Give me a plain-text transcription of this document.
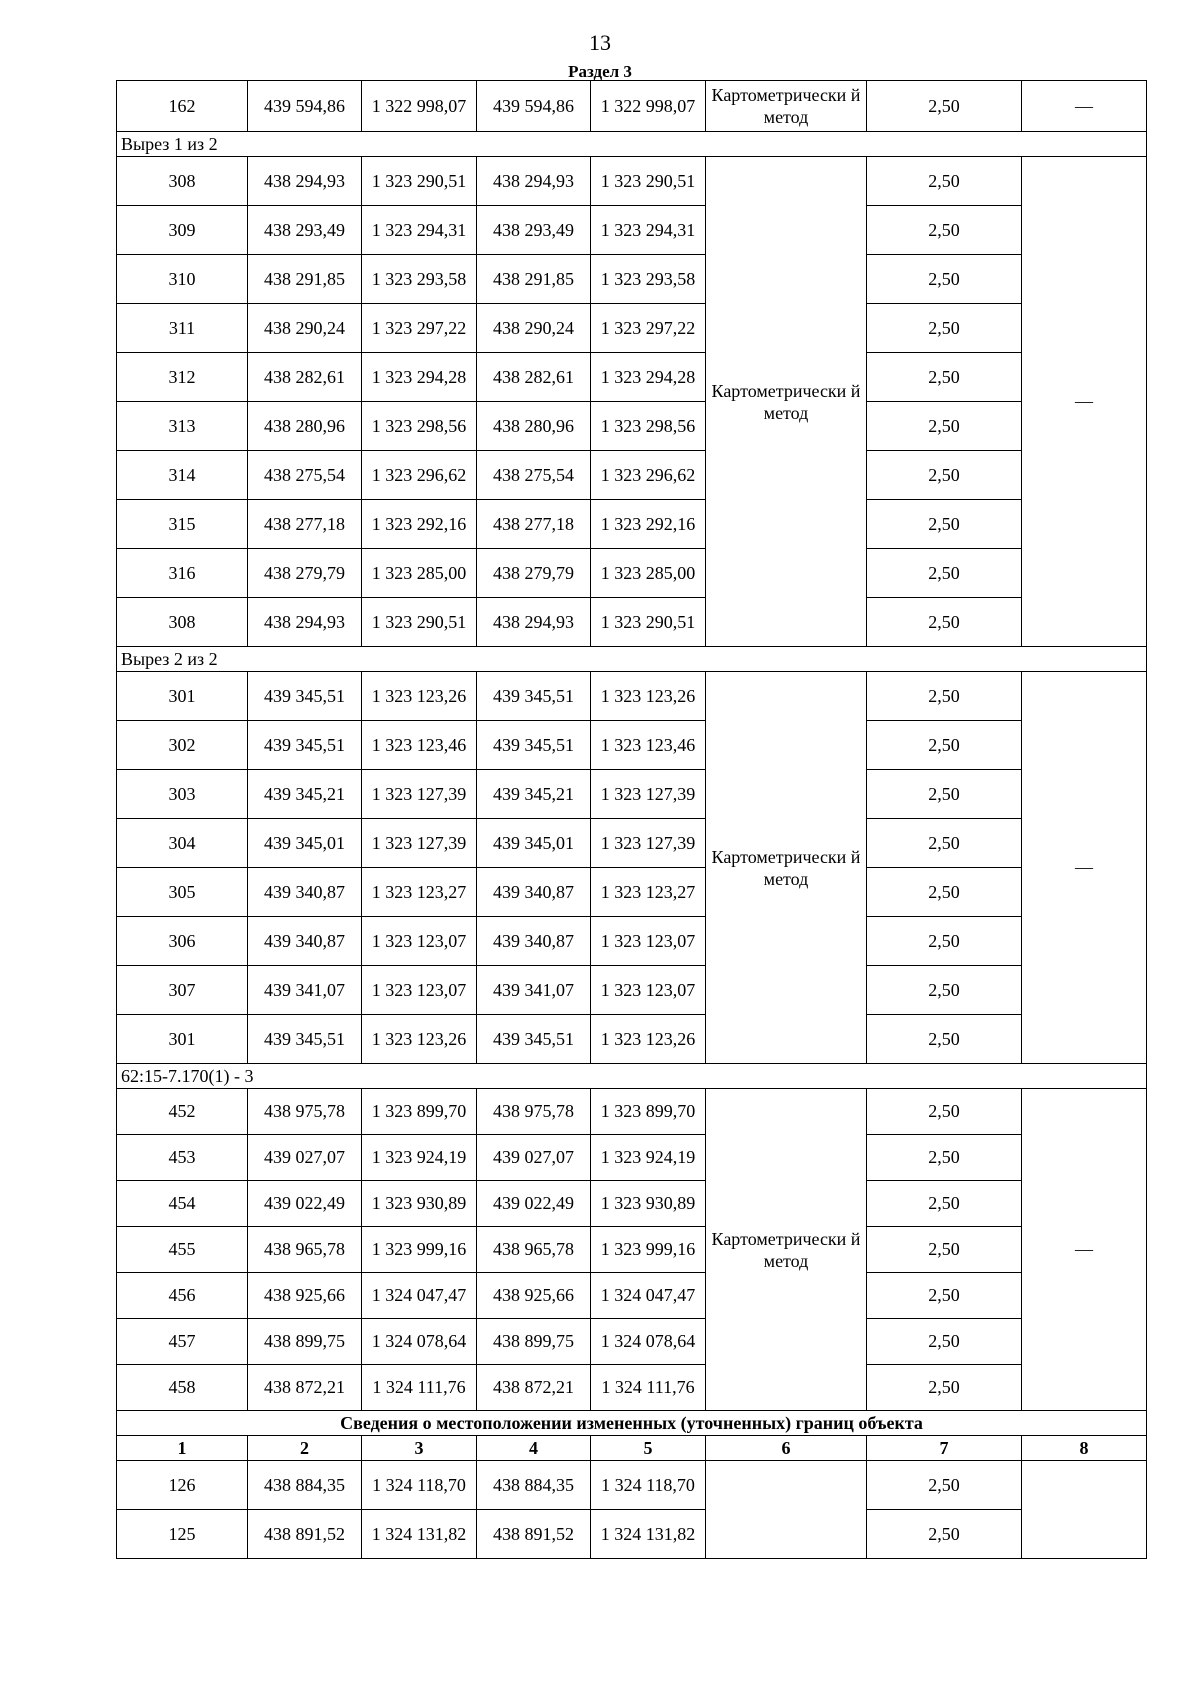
13
Раздел 3
162	439 594,86	1 322 998,07	439 594,86	1 322 998,07	Картометрически й метод	2,50	—
Вырез 1 из 2							
308	438 294,93	1 323 290,51	438 294,93	1 323 290,51	Картометрически й метод	2,50	—
309	438 293,49	1 323 294,31	438 293,49	1 323 294,31		2,50	
310	438 291,85	1 323 293,58	438 291,85	1 323 293,58		2,50	
311	438 290,24	1 323 297,22	438 290,24	1 323 297,22		2,50	
312	438 282,61	1 323 294,28	438 282,61	1 323 294,28		2,50	
313	438 280,96	1 323 298,56	438 280,96	1 323 298,56		2,50	
314	438 275,54	1 323 296,62	438 275,54	1 323 296,62		2,50	
315	438 277,18	1 323 292,16	438 277,18	1 323 292,16		2,50	
316	438 279,79	1 323 285,00	438 279,79	1 323 285,00		2,50	
308	438 294,93	1 323 290,51	438 294,93	1 323 290,51		2,50	
Вырез 2 из 2							
301	439 345,51	1 323 123,26	439 345,51	1 323 123,26	Картометрически й метод	2,50	—
302	439 345,51	1 323 123,46	439 345,51	1 323 123,46		2,50	
303	439 345,21	1 323 127,39	439 345,21	1 323 127,39		2,50	
304	439 345,01	1 323 127,39	439 345,01	1 323 127,39		2,50	
305	439 340,87	1 323 123,27	439 340,87	1 323 123,27		2,50	
306	439 340,87	1 323 123,07	439 340,87	1 323 123,07		2,50	
307	439 341,07	1 323 123,07	439 341,07	1 323 123,07		2,50	
301	439 345,51	1 323 123,26	439 345,51	1 323 123,26		2,50	
62:15-7.170(1) - 3							
452	438 975,78	1 323 899,70	438 975,78	1 323 899,70	Картометрически й метод	2,50	—
453	439 027,07	1 323 924,19	439 027,07	1 323 924,19		2,50	
454	439 022,49	1 323 930,89	439 022,49	1 323 930,89		2,50	
455	438 965,78	1 323 999,16	438 965,78	1 323 999,16		2,50	
456	438 925,66	1 324 047,47	438 925,66	1 324 047,47		2,50	
457	438 899,75	1 324 078,64	438 899,75	1 324 078,64		2,50	
458	438 872,21	1 324 111,76	438 872,21	1 324 111,76		2,50	
Сведения о местоположении измененных (уточненных) границ объекта							
1	2	3	4	5	6	7	8
126	438 884,35	1 324 118,70	438 884,35	1 324 118,70		2,50	
125	438 891,52	1 324 131,82	438 891,52	1 324 131,82		2,50	
